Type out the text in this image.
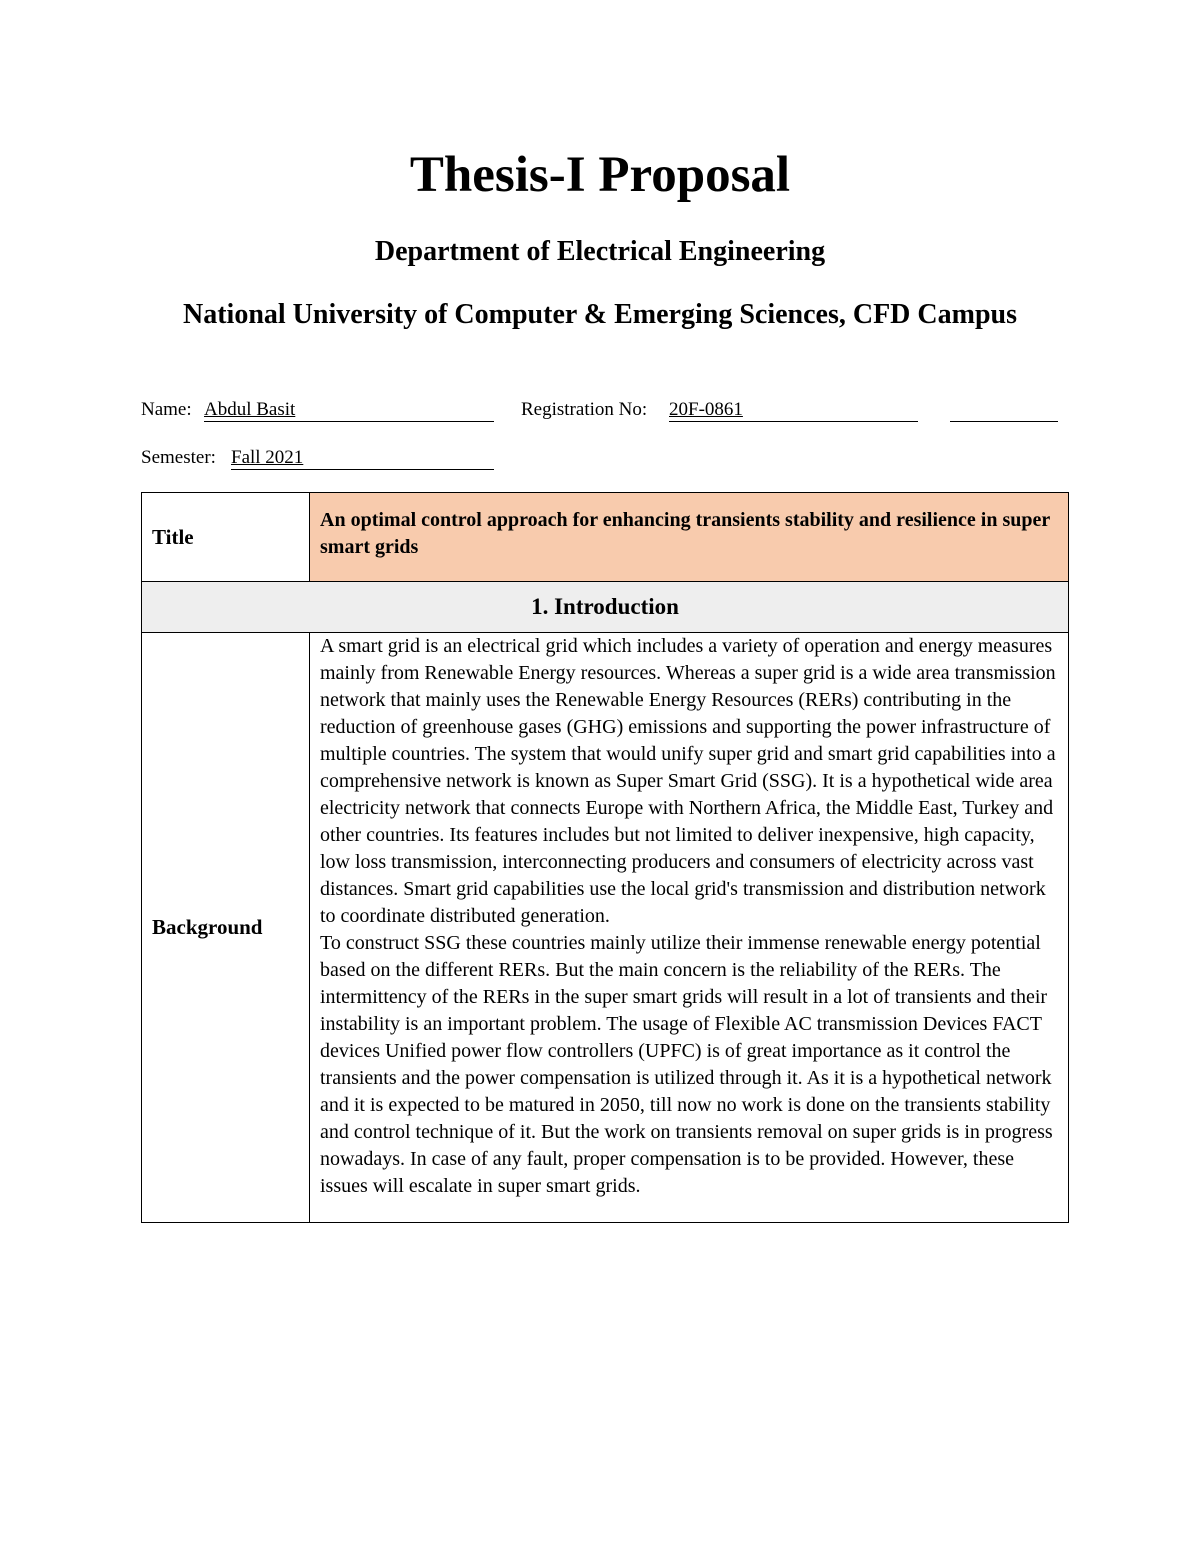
Thesis-I Proposal
Department of Electrical Engineering
National University of Computer & Emerging Sciences, CFD Campus
Name: Abdul Basit	Registration No: 20F-0861
Semester: Fall 2021
Title	An optimal control approach for enhancing transients stability and resilience in super smart grids
1. Introduction	
Background	A smart grid is an electrical grid which includes a variety of operation and energy measures mainly from Renewable Energy resources. Whereas a super grid is a wide area transmission network that mainly uses the Renewable Energy Resources (RERs) contributing in the reduction of greenhouse gases (GHG) emissions and supporting the power infrastructure of multiple countries. The system that would unify super grid and smart grid capabilities into a comprehensive network is known as Super Smart Grid (SSG). It is a hypothetical wide area electricity network that connects Europe with Northern Africa, the Middle East, Turkey and other countries. Its features includes but not limited to deliver inexpensive, high capacity, low loss transmission, interconnecting producers and consumers of electricity across vast distances. Smart grid capabilities use the local grid's transmission and distribution network to coordinate distributed generation.

To construct SSG these countries mainly utilize their immense renewable energy potential based on the different RERs. But the main concern is the reliability of the RERs. The intermittency of the RERs in the super smart grids will result in a lot of transients and their instability is an important problem. The usage of Flexible AC transmission Devices FACT devices Unified power flow controllers (UPFC) is of great importance as it control the transients and the power compensation is utilized through it. As it is a hypothetical network and it is expected to be matured in 2050, till now no work is done on the transients stability and control technique of it. But the work on transients removal on super grids is in progress nowadays. In case of any fault, proper compensation is to be provided. However, these issues will escalate in super smart grids.
